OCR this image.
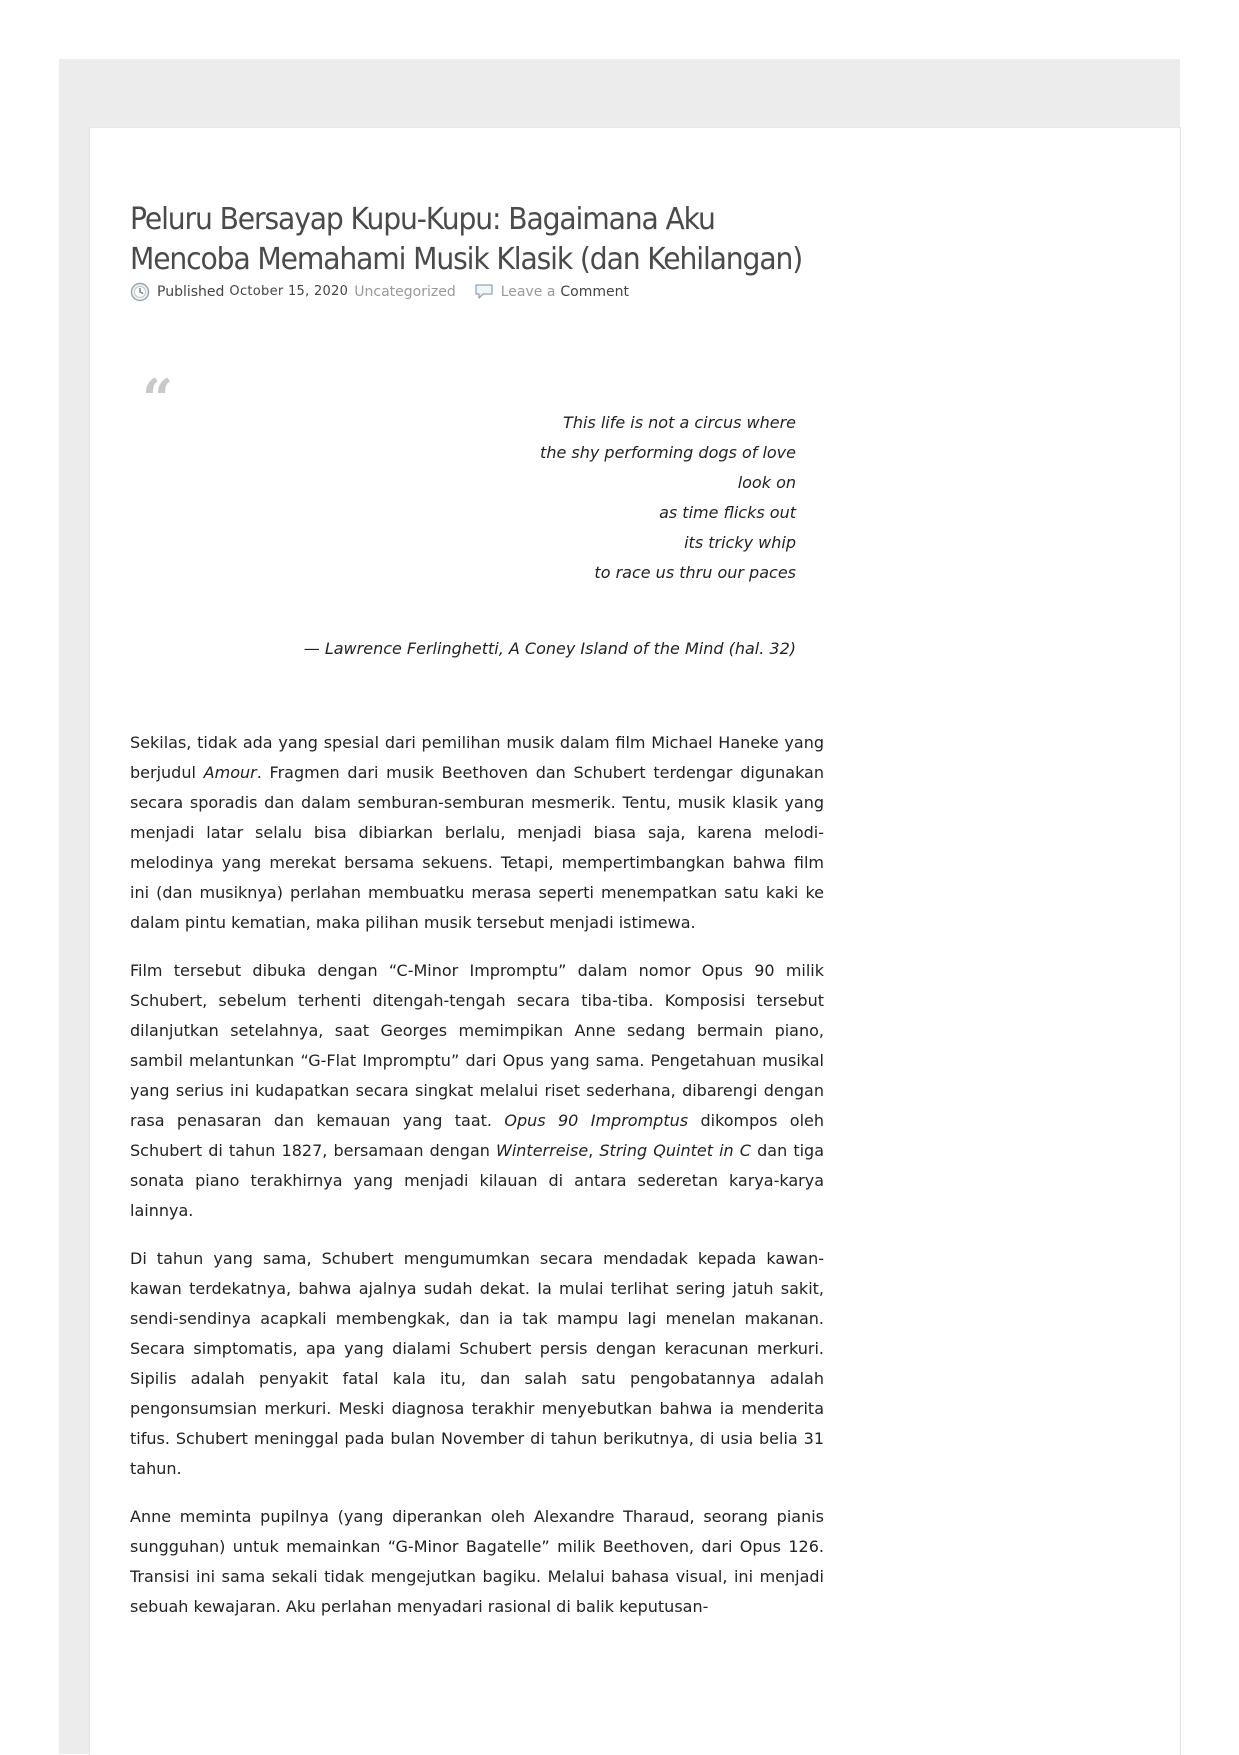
Peluru Bersayap Kupu-Kupu: Bagaimana Aku
Mencoba Memahami Musik Klasik (dan Kehilangan)
Published October 15, 2020 Uncategorized	Leave a Comment
“	This life is not a circus where
the shy performing dogs of love
look on
as time flicks out
its tricky whip
to race us thru our paces
— Lawrence Ferlinghetti, A Coney Island of the Mind (hal. 32)

Sekilas, tidak ada yang spesial dari pemilihan musik dalam film Michael Haneke yang berjudul Amour. Fragmen dari musik Beethoven dan Schubert terdengar digunakan secara sporadis dan dalam semburan-semburan mesmerik. Tentu, musik klasik yang menjadi latar selalu bisa dibiarkan berlalu, menjadi biasa saja, karena melodi-melodinya yang merekat bersama sekuens. Tetapi, mempertimbangkan bahwa film ini (dan musiknya) perlahan membuatku merasa seperti menempatkan satu kaki ke dalam pintu kematian, maka pilihan musik tersebut menjadi istimewa.

Film tersebut dibuka dengan “C-Minor Impromptu” dalam nomor Opus 90 milik Schubert, sebelum terhenti ditengah-tengah secara tiba-tiba. Komposisi tersebut dilanjutkan setelahnya, saat Georges memimpikan Anne sedang bermain piano, sambil melantunkan “G-Flat Impromptu” dari Opus yang sama. Pengetahuan musikal yang serius ini kudapatkan secara singkat melalui riset sederhana, dibarengi dengan rasa penasaran dan kemauan yang taat. Opus 90 Impromptus dikompos oleh Schubert di tahun 1827, bersamaan dengan Winterreise, String Quintet in C dan tiga sonata piano terakhirnya yang menjadi kilauan di antara sederetan karya-karya lainnya.

Di tahun yang sama, Schubert mengumumkan secara mendadak kepada kawan-kawan terdekatnya, bahwa ajalnya sudah dekat. Ia mulai terlihat sering jatuh sakit, sendi-sendinya acapkali membengkak, dan ia tak mampu lagi menelan makanan. Secara simptomatis, apa yang dialami Schubert persis dengan keracunan merkuri. Sipilis adalah penyakit fatal kala itu, dan salah satu pengobatannya adalah pengonsumsian merkuri. Meski diagnosa terakhir menyebutkan bahwa ia menderita tifus. Schubert meninggal pada bulan November di tahun berikutnya, di usia belia 31 tahun.

Anne meminta pupilnya (yang diperankan oleh Alexandre Tharaud, seorang pianis sungguhan) untuk memainkan “G-Minor Bagatelle” milik Beethoven, dari Opus 126. Transisi ini sama sekali tidak mengejutkan bagiku. Melalui bahasa visual, ini menjadi sebuah kewajaran. Aku perlahan menyadari rasional di balik keputusan-
